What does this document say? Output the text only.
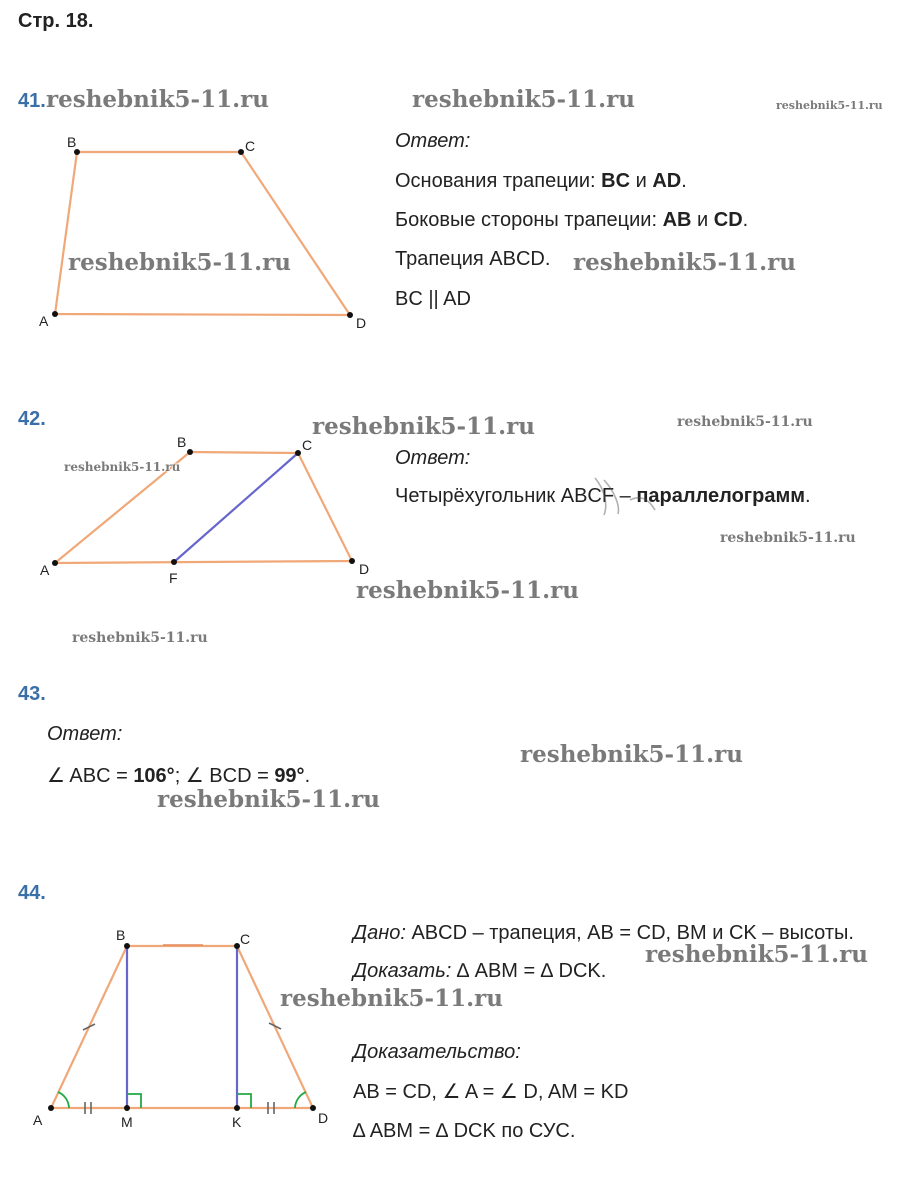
Стр. 18.
41.
B	C
D
A
Ответ:
Основания трапеции: BC и AD.
Боковые стороны трапеции: AB и CD.
Трапеция ABCD.
BC || AD
42.
A
B	C
D
F
Ответ:
Четырёхугольник ABCF – параллелограмм.
43.
Ответ:
∠ ABC = 106°; ∠ BCD = 99°.
44.
A
B	C
D
M	K
Дано: ABCD – трапеция, AB = CD, BM и CK – высоты.
Доказать: ∆ ABM = ∆ DCK.
Доказательство:
AB = CD, ∠ A = ∠ D, AM = KD
∆ ABM = ∆ DCK по СУС.
reshebnik5-11.ru	reshebnik5-11.ru	reshebnik5-11.ru
reshebnik5-11.ru	reshebnik5-11.ru
reshebnik5-11.ru	reshebnik5-11.ru
reshebnik5-11.ru
reshebnik5-11.ru
reshebnik5-11.ru
reshebnik5-11.ru
reshebnik5-11.ru
reshebnik5-11.ru
reshebnik5-11.ru
reshebnik5-11.ru
